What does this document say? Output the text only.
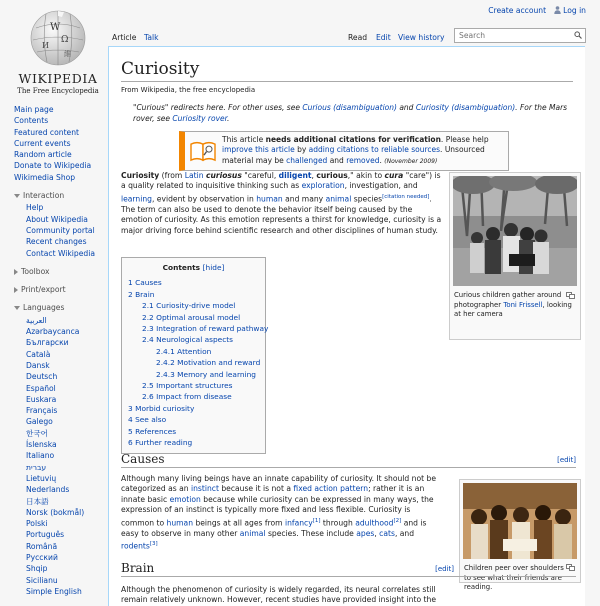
Create account	Log in
W
Ω
И
維
WIKIPEDIA
The Free Encyclopedia
Main page
Contents
Featured content
Current events
Random article
Donate to Wikipedia
Wikimedia Shop
Interaction
Help
About Wikipedia
Community portal
Recent changes
Contact Wikipedia
Toolbox
Print/export
Languages
العربية
Azərbaycanca
Български
Català
Dansk
Deutsch
Español
Euskara
Français
Galego
한국어
Íslenska
Italiano
עברית
Lietuvių
Nederlands
日本語
Norsk (bokmål)
Polski
Português
Română
Русский
Shqip
Sicilianu
Simple English
Article Talk	Read Edit View history
Search
Curiosity
From Wikipedia, the free encyclopedia
"Curious" redirects here. For other uses, see Curious (disambiguation) and Curiosity (disambiguation). For the Mars rover, see Curiosity rover.
This article needs additional citations for verification. Please help improve this article by adding citations to reliable sources. Unsourced material may be challenged and removed. (November 2009)
Curiosity (from Latin curiosus "careful, diligent, curious," akin to cura "care") is a quality related to inquisitive thinking such as exploration, investigation, and learning, evident by observation in human and many animal species[citation needed]. The term can also be used to denote the behavior itself being caused by the emotion of curiosity. As this emotion represents a thirst for knowledge, curiosity is a major driving force behind scientific research and other disciplines of human study.
Curious children gather around photographer Toni Frissell, looking at her camera
Contents [hide]
1 Causes
2 Brain
2.1 Curiosity-drive model
2.2 Optimal arousal model
2.3 Integration of reward pathway
2.4 Neurological aspects
2.4.1 Attention
2.4.2 Motivation and reward
2.4.3 Memory and learning
2.5 Important structures
2.6 Impact from disease
3 Morbid curiosity
4 See also
5 References
6 Further reading
Causes	[edit]
Although many living beings have an innate capability of curiosity. It should not be categorized as an instinct because it is not a fixed action pattern; rather it is an innate basic emotion because while curiosity can be expressed in many ways, the expression of an instinct is typically more fixed and less flexible. Curiosity is common to human beings at all ages from infancy[1] through adulthood[2] and is easy to observe in many other animal species. These include apes, cats, and rodents[3]
Children peer over shoulders to see what their friends are reading.
Brain	[edit]
Although the phenomenon of curiosity is widely regarded, its neural correlates still remain relatively unknown. However, recent studies have provided insight into the
